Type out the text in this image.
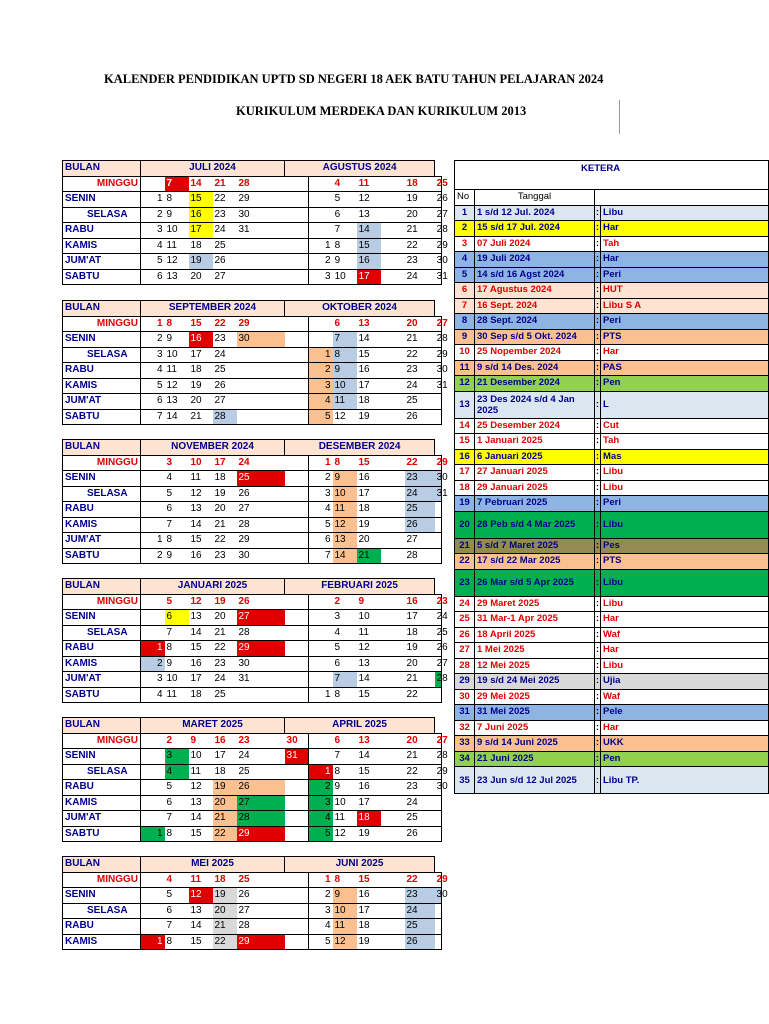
KALENDER PENDIDIKAN UPTD SD NEGERI 18 AEK BATU TAHUN PELAJARAN 2024
KURIKULUM MERDEKA DAN KURIKULUM 2013
BULAN	JULI 2024					AGUSTUS 2024						
MINGGU		7	14	21	28			4	11		18	25
SENIN	1	8	15	22	29			5	12		19	26
SELASA	2	9	16	23	30			6	13		20	27
RABU	3	10	17	24	31			7	14		21	28
KAMIS	4	11	18	25			1	8	15		22	29
JUM'AT	5	12	19	26			2	9	16		23	30
SABTU	6	13	20	27			3	10	17		24	31
BULAN	SEPTEMBER 2024					OKTOBER 2024						
MINGGU	1	8	15	22	29			6	13		20	27
SENIN	2	9	16	23	30			7	14		21	28
SELASA	3	10	17	24			1	8	15		22	29
RABU	4	11	18	25			2	9	16		23	30
KAMIS	5	12	19	26			3	10	17		24	31
JUM'AT	6	13	20	27			4	11	18		25	
SABTU	7	14	21	28			5	12	19		26	
BULAN	NOVEMBER 2024					DESEMBER 2024						
MINGGU		3	10	17	24		1	8	15		22	29
SENIN		4	11	18	25		2	9	16		23	30
SELASA		5	12	19	26		3	10	17		24	31
RABU		6	13	20	27		4	11	18		25	
KAMIS		7	14	21	28		5	12	19		26	
JUM'AT	1	8	15	22	29		6	13	20		27	
SABTU	2	9	16	23	30		7	14	21		28	
BULAN	JANUARI 2025					FEBRUARI 2025						
MINGGU		5	12	19	26			2	9		16	23
SENIN		6	13	20	27			3	10		17	24
SELASA		7	14	21	28			4	11		18	25
RABU	1	8	15	22	29			5	12		19	26
KAMIS	2	9	16	23	30			6	13		20	27
JUM'AT	3	10	17	24	31			7	14		21	28
SABTU	4	11	18	25			1	8	15		22	
BULAN	MARET 2025					APRIL 2025						
MINGGU		2	9	16	23	30		6	13		20	27
SENIN		3	10	17	24	31		7	14		21	28
SELASA		4	11	18	25		1	8	15		22	29
RABU		5	12	19	26		2	9	16		23	30
KAMIS		6	13	20	27		3	10	17		24	
JUM'AT		7	14	21	28		4	11	18		25	
SABTU	1	8	15	22	29		5	12	19		26	
BULAN	MEI 2025					JUNI 2025						
MINGGU		4	11	18	25		1	8	15		22	29
SENIN		5	12	19	26		2	9	16		23	30
SELASA		6	13	20	27		3	10	17		24	
RABU		7	14	21	28		4	11	18		25	
KAMIS	1	8	15	22	29		5	12	19		26	
KETERA			

No	Tanggal		
1	1 s/d 12 Jul. 2024	:	Libu
2	15 s/d 17 Jul. 2024	:	Har
3	07 Juli 2024	:	Tah
4	19 Juli 2024	:	Har
5	14 s/d 16 Agst 2024	:	Peri
6	17 Agustus 2024	:	HUT
7	16 Sept. 2024	:	Libu S A
8	28 Sept. 2024	:	Peri
9	30 Sep s/d 5 Okt. 2024	:	PTS
10	25 Nopember 2024	:	Har
11	9 s/d 14 Des. 2024	:	PAS
12	21 Desember 2024	:	Pen
13	23 Des 2024 s/d 4 Jan 2025	:	L
14	25 Desember 2024	:	Cut
15	1 Januari 2025	:	Tah
16	6 Januari 2025	:	Mas
17	27 Januari 2025	:	Libu
18	29 Januari 2025	:	Libu
19	7 Pebruari 2025	:	Peri
20	28 Peb s/d 4 Mar 2025	:	Libu
21	5 s/d 7 Maret 2025	:	Pes
22	17 s/d 22 Mar 2025	:	PTS
23	26 Mar s/d 5 Apr 2025	:	Libu
24	29 Maret 2025	:	Libu
25	31 Mar-1 Apr 2025	:	Har
26	18 April 2025	:	Waf
27	1 Mei 2025	:	Har
28	12 Mei 2025	:	Libu
29	19 s/d 24 Mei 2025	:	Ujia
30	29 Mei 2025	:	Waf
31	31 Mei 2025	:	Pele
32	7 Juni 2025	:	Har
33	9 s/d 14 Juni 2025	:	UKK
34	21 Juni 2025	:	Pen
35	23 Jun s/d 12 Jul 2025	:	Libu TP.
